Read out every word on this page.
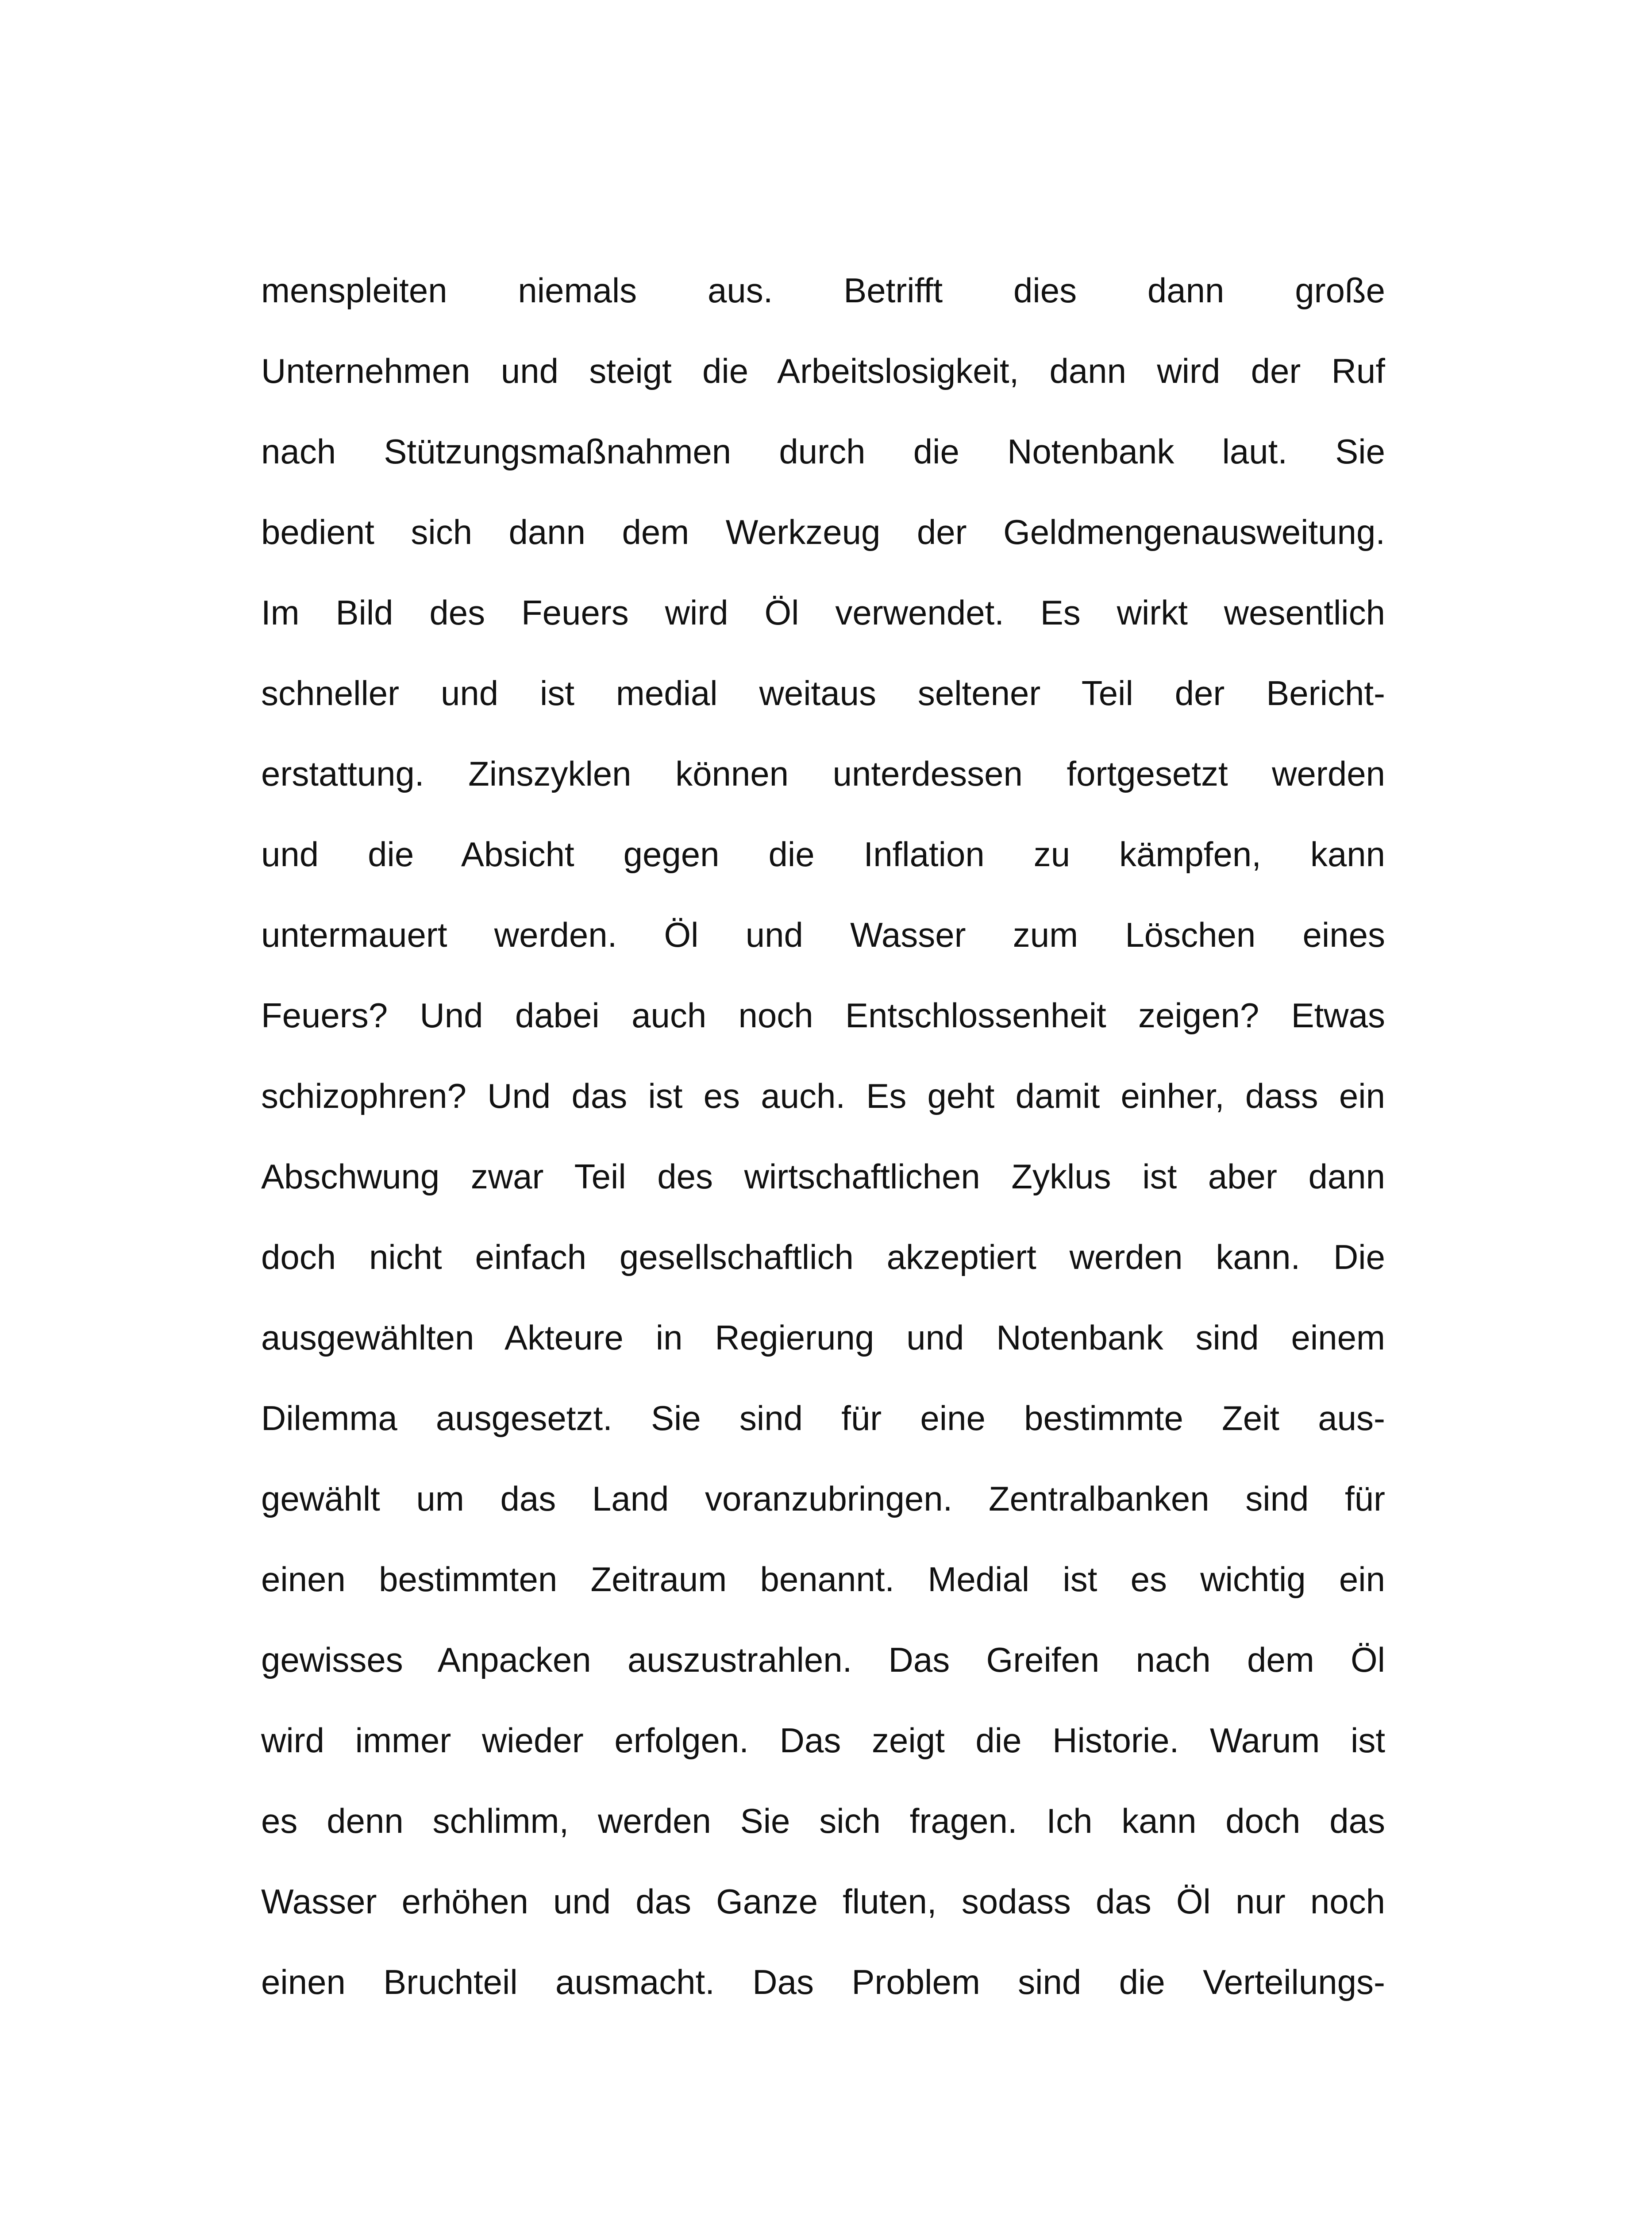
menspleiten niemals aus. Betrifft dies dann große
Unternehmen und steigt die Arbeitslosigkeit, dann wird der Ruf
nach Stützungsmaßnahmen durch die Notenbank laut. Sie
bedient sich dann dem Werkzeug der Geldmengenausweitung.
Im Bild des Feuers wird Öl verwendet. Es wirkt wesentlich
schneller und ist medial weitaus seltener Teil der Bericht-
erstattung. Zinszyklen können unterdessen fortgesetzt werden
und die Absicht gegen die Inflation zu kämpfen, kann
untermauert werden. Öl und Wasser zum Löschen eines
Feuers? Und dabei auch noch Entschlossenheit zeigen? Etwas
schizophren? Und das ist es auch. Es geht damit einher, dass ein
Abschwung zwar Teil des wirtschaftlichen Zyklus ist aber dann
doch nicht einfach gesellschaftlich akzeptiert werden kann. Die
ausgewählten Akteure in Regierung und Notenbank sind einem
Dilemma ausgesetzt. Sie sind für eine bestimmte Zeit aus-
gewählt um das Land voranzubringen. Zentralbanken sind für
einen bestimmten Zeitraum benannt. Medial ist es wichtig ein
gewisses Anpacken auszustrahlen. Das Greifen nach dem Öl
wird immer wieder erfolgen. Das zeigt die Historie. Warum ist
es denn schlimm, werden Sie sich fragen. Ich kann doch das
Wasser erhöhen und das Ganze fluten, sodass das Öl nur noch
einen Bruchteil ausmacht. Das Problem sind die Verteilungs-
